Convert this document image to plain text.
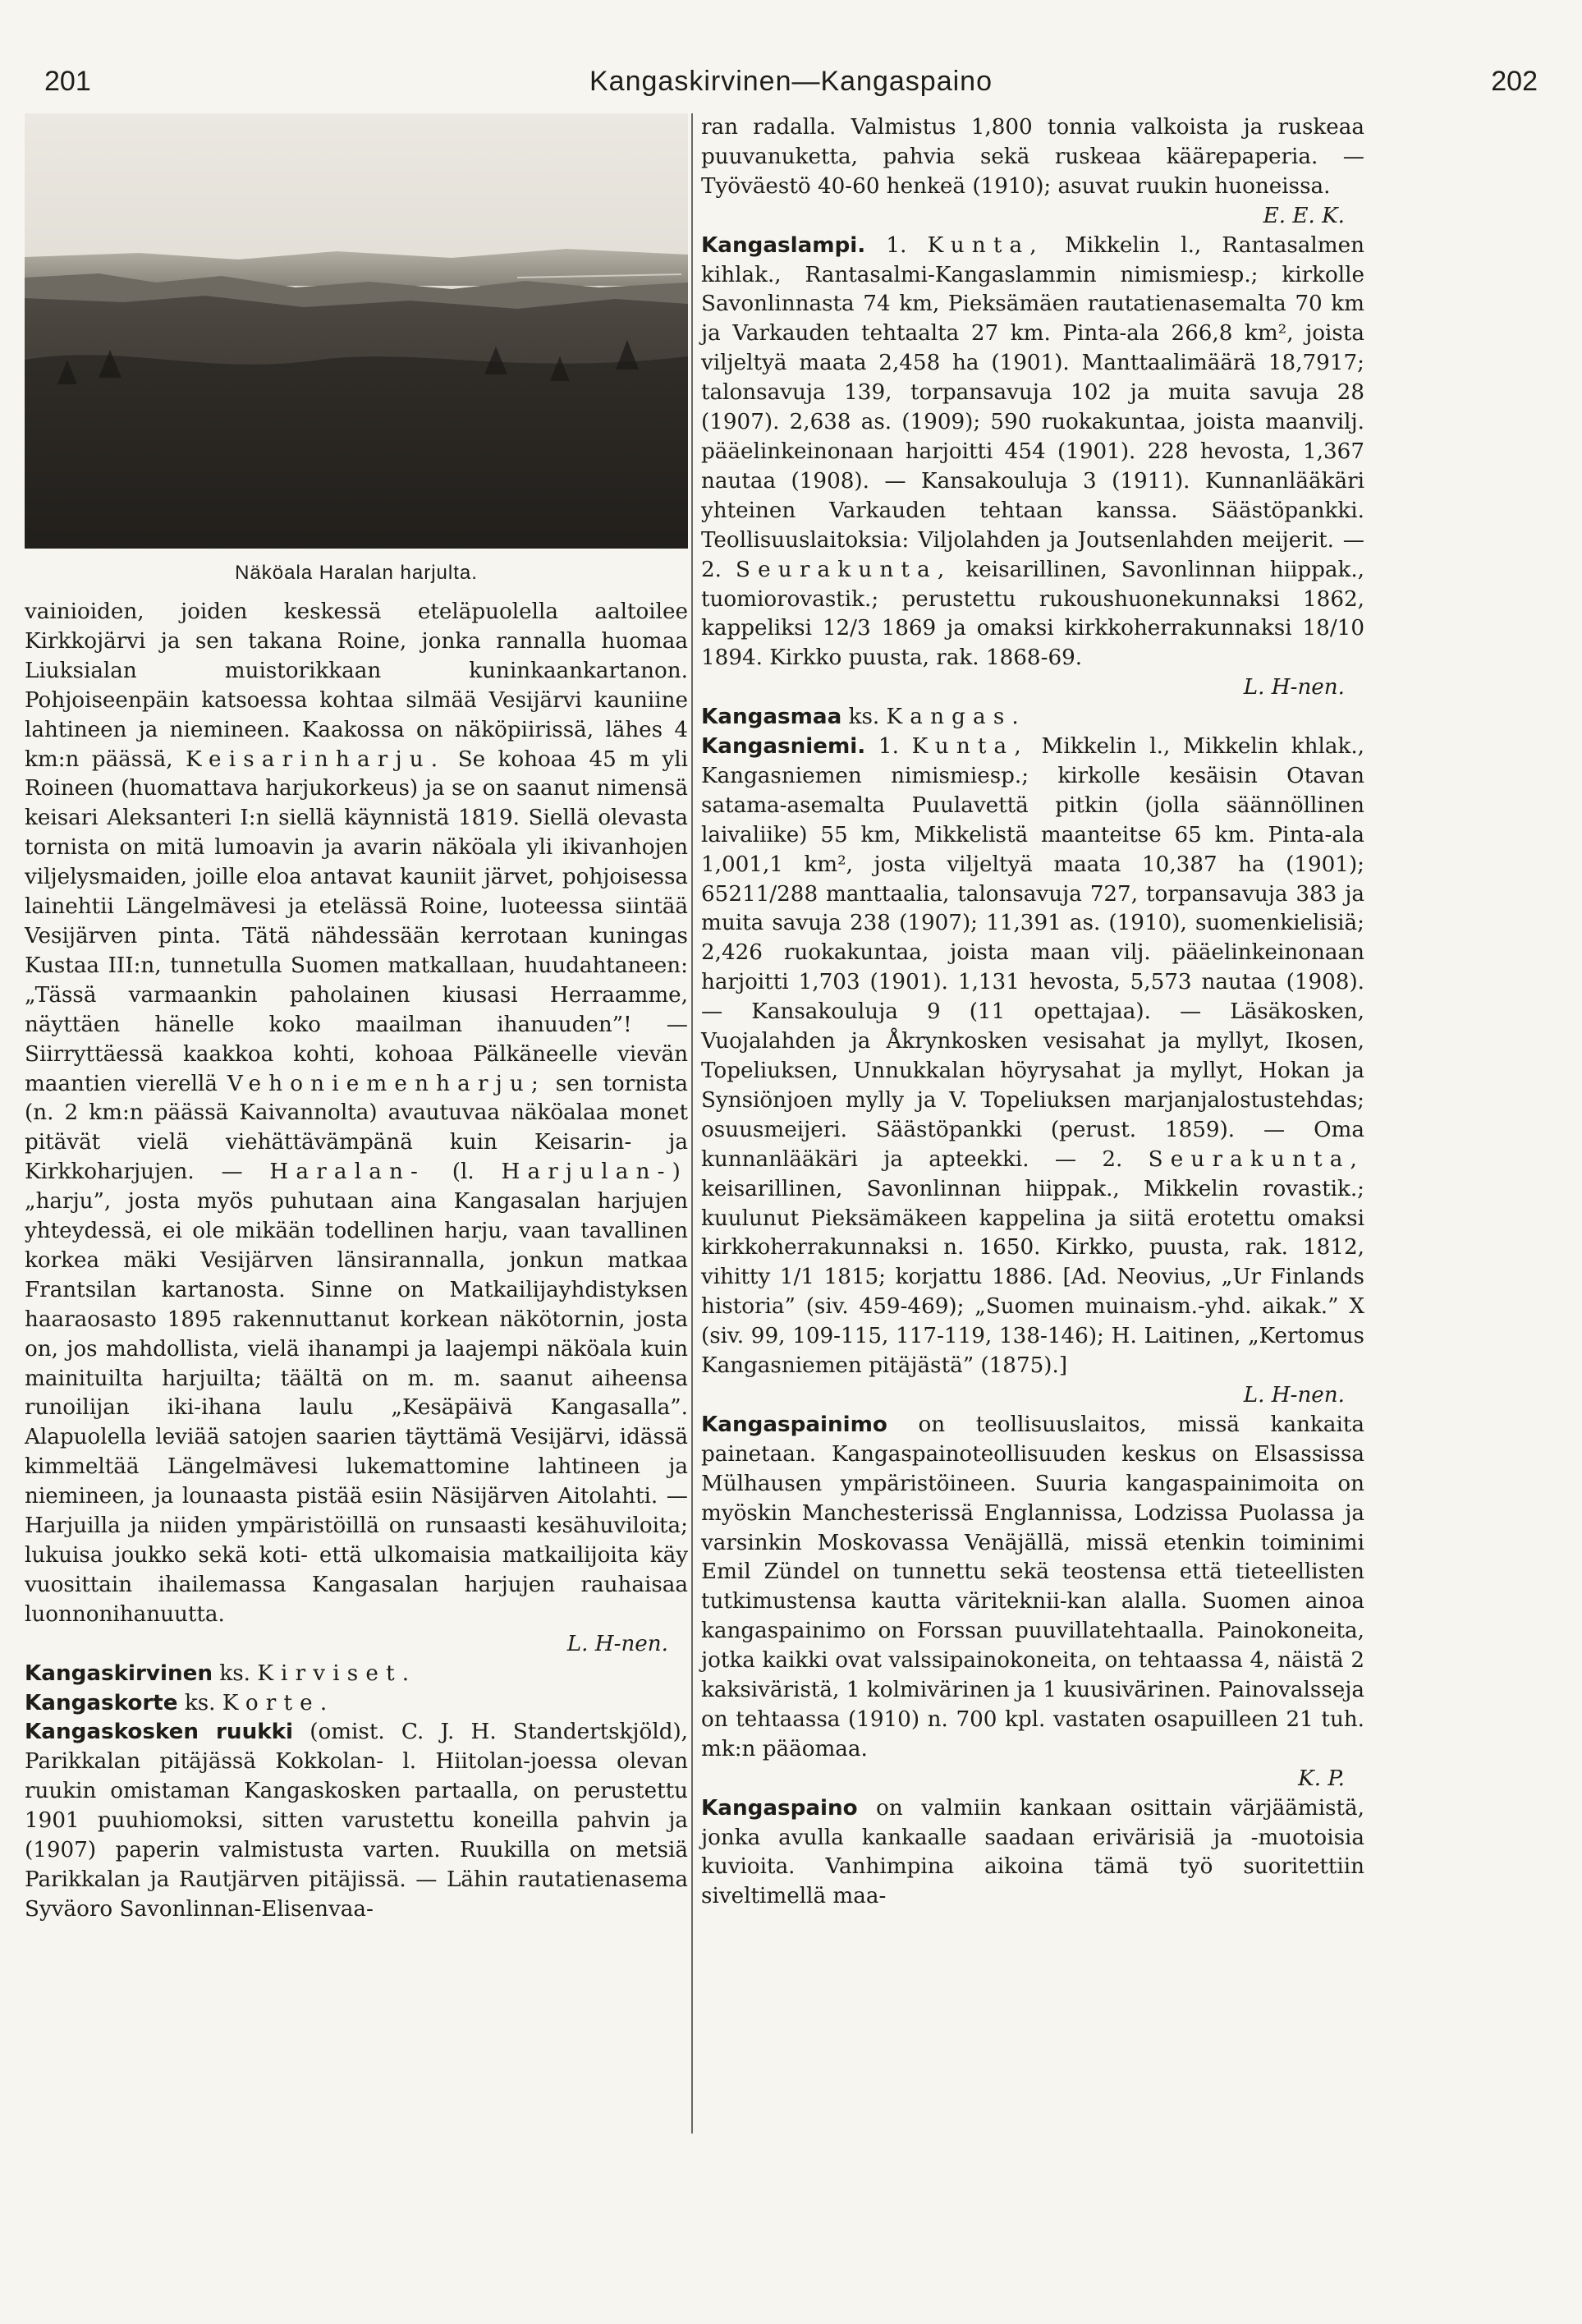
201	Kangaskirvinen—Kangaspaino	202
Näköala Haralan harjulta.

vainioiden, joiden keskessä eteläpuolella aaltoilee Kirkkojärvi ja sen takana Roine, jonka rannalla huomaa Liuksialan muistorikkaan kuninkaankartanon. Pohjoiseenpäin katsoessa kohtaa silmää Vesijärvi kauniine lahtineen ja niemineen. Kaakossa on näköpiirissä, lähes 4 km:n päässä, Keisarinharju. Se kohoaa 45 m yli Roineen (huomattava harjukorkeus) ja se on saanut nimensä keisari Aleksanteri I:n siellä käynnistä 1819. Siellä olevasta tornista on mitä lumoavin ja avarin näköala yli ikivanhojen viljelysmaiden, joille eloa antavat kauniit järvet, pohjoisessa lainehtii Längelmävesi ja etelässä Roine, luoteessa siintää Vesijärven pinta. Tätä nähdessään kerrotaan kuningas Kustaa III:n, tunnetulla Suomen matkallaan, huudahtaneen: „Tässä varmaankin paholainen kiusasi Herraamme, näyttäen hänelle koko maailman ihanuuden”! — Siirryttäessä kaakkoa kohti, kohoaa Pälkäneelle vievän maantien vierellä Vehoniemenharju; sen tornista (n. 2 km:n päässä Kaivannolta) avautuvaa näköalaa monet pitävät vielä viehättävämpänä kuin Keisarin- ja Kirkkoharjujen. — Haralan- (l. Harjulan-) „harju”, josta myös puhutaan aina Kangasalan harjujen yhteydessä, ei ole mikään todellinen harju, vaan tavallinen korkea mäki Vesijärven länsirannalla, jonkun matkaa Frantsilan kartanosta. Sinne on Matkailijayhdistyksen haaraosasto 1895 rakennuttanut korkean näkötornin, josta on, jos mahdollista, vielä ihanampi ja laajempi näköala kuin mainituilta harjuilta; täältä on m. m. saanut aiheensa runoilijan iki-ihana laulu „Kesäpäivä Kangasalla”. Alapuolella leviää satojen saarien täyttämä Vesijärvi, idässä kimmeltää Längelmävesi lukemattomine lahtineen ja niemineen, ja lounaasta pistää esiin Näsijärven Aitolahti. — Harjuilla ja niiden ympäristöillä on runsaasti kesähuviloita; lukuisa joukko sekä koti- että ulkomaisia matkailijoita käy vuosittain ihailemassa Kangasalan harjujen rauhaisaa luonnonihanuutta.

L. H-nen.

Kangaskirvinen ks. Kirviset.

Kangaskorte ks. Korte.

Kangaskosken ruukki (omist. C. J. H. Standertskjöld), Parikkalan pitäjässä Kokkolan- l. Hiitolan-joessa olevan ruukin omistaman Kangaskosken partaalla, on perustettu 1901 puuhiomoksi, sitten varustettu koneilla pahvin ja (1907) paperin valmistusta varten. Ruukilla on metsiä Parikkalan ja Rautjärven pitäjissä. — Lähin rautatienasema Syväoro Savonlinnan-Elisenvaa-

ran radalla. Valmistus 1,800 tonnia valkoista ja ruskeaa puuvanuketta, pahvia sekä ruskeaa käärepaperia. — Työväestö 40-60 henkeä (1910); asuvat ruukin huoneissa.

E. E. K.

Kangaslampi. 1. Kunta, Mikkelin l., Rantasalmen kihlak., Rantasalmi-Kangaslammin nimismiesp.; kirkolle Savonlinnasta 74 km, Pieksämäen rautatienasemalta 70 km ja Varkauden tehtaalta 27 km. Pinta-ala 266,8 km², joista viljeltyä maata 2,458 ha (1901). Manttaalimäärä 18,7917; talonsavuja 139, torpansavuja 102 ja muita savuja 28 (1907). 2,638 as. (1909); 590 ruokakuntaa, joista maanvilj. pääelinkeinonaan harjoitti 454 (1901). 228 hevosta, 1,367 nautaa (1908). — Kansakouluja 3 (1911). Kunnanlääkäri yhteinen Varkauden tehtaan kanssa. Säästöpankki. Teollisuuslaitoksia: Viljolahden ja Joutsenlahden meijerit. — 2. Seurakunta, keisarillinen, Savonlinnan hiippak., tuomiorovastik.; perustettu rukoushuonekunnaksi 1862, kappeliksi 12/3 1869 ja omaksi kirkkoherrakunnaksi 18/10 1894. Kirkko puusta, rak. 1868-69.

L. H-nen.

Kangasmaa ks. Kangas.

Kangasniemi. 1. Kunta, Mikkelin l., Mikkelin khlak., Kangasniemen nimismiesp.; kirkolle kesäisin Otavan satama-asemalta Puulavettä pitkin (jolla säännöllinen laivaliike) 55 km, Mikkelistä maanteitse 65 km. Pinta-ala 1,001,1 km², josta viljeltyä maata 10,387 ha (1901); 65211/288 manttaalia, talonsavuja 727, torpansavuja 383 ja muita savuja 238 (1907); 11,391 as. (1910), suomenkielisiä; 2,426 ruokakuntaa, joista maan vilj. pääelinkeinonaan harjoitti 1,703 (1901). 1,131 hevosta, 5,573 nautaa (1908). — Kansakouluja 9 (11 opettajaa). — Läsäkosken, Vuojalahden ja Åkrynkosken vesisahat ja myllyt, Ikosen, Topeliuksen, Unnukkalan höyrysahat ja myllyt, Hokan ja Synsiönjoen mylly ja V. Topeliuksen marjanjalostustehdas; osuusmeijeri. Säästöpankki (perust. 1859). — Oma kunnanlääkäri ja apteekki. — 2. Seurakunta, keisarillinen, Savonlinnan hiippak., Mikkelin rovastik.; kuulunut Pieksämäkeen kappelina ja siitä erotettu omaksi kirkkoherrakunnaksi n. 1650. Kirkko, puusta, rak. 1812, vihitty 1/1 1815; korjattu 1886. [Ad. Neovius, „Ur Finlands historia” (siv. 459-469); „Suomen muinaism.-yhd. aikak.” X (siv. 99, 109-115, 117-119, 138-146); H. Laitinen, „Kertomus Kangasniemen pitäjästä” (1875).]

L. H-nen.

Kangaspainimo on teollisuuslaitos, missä kankaita painetaan. Kangaspainoteollisuuden keskus on Elsassissa Mülhausen ympäristöineen. Suuria kangaspainimoita on myöskin Manchesterissä Englannissa, Lodzissa Puolassa ja varsinkin Moskovassa Venäjällä, missä etenkin toiminimi Emil Zündel on tunnettu sekä teostensa että tieteellisten tutkimustensa kautta väriteknii-kan alalla. Suomen ainoa kangaspainimo on Forssan puuvillatehtaalla. Painokoneita, jotka kaikki ovat valssipainokoneita, on tehtaassa 4, näistä 2 kaksiväristä, 1 kolmivärinen ja 1 kuusivärinen. Painovalsseja on tehtaassa (1910) n. 700 kpl. vastaten osapuilleen 21 tuh. mk:n pääomaa.

K. P.

Kangaspaino on valmiin kankaan osittain värjäämistä, jonka avulla kankaalle saadaan erivärisiä ja -muotoisia kuvioita. Vanhimpina aikoina tämä työ suoritettiin siveltimellä maa-
